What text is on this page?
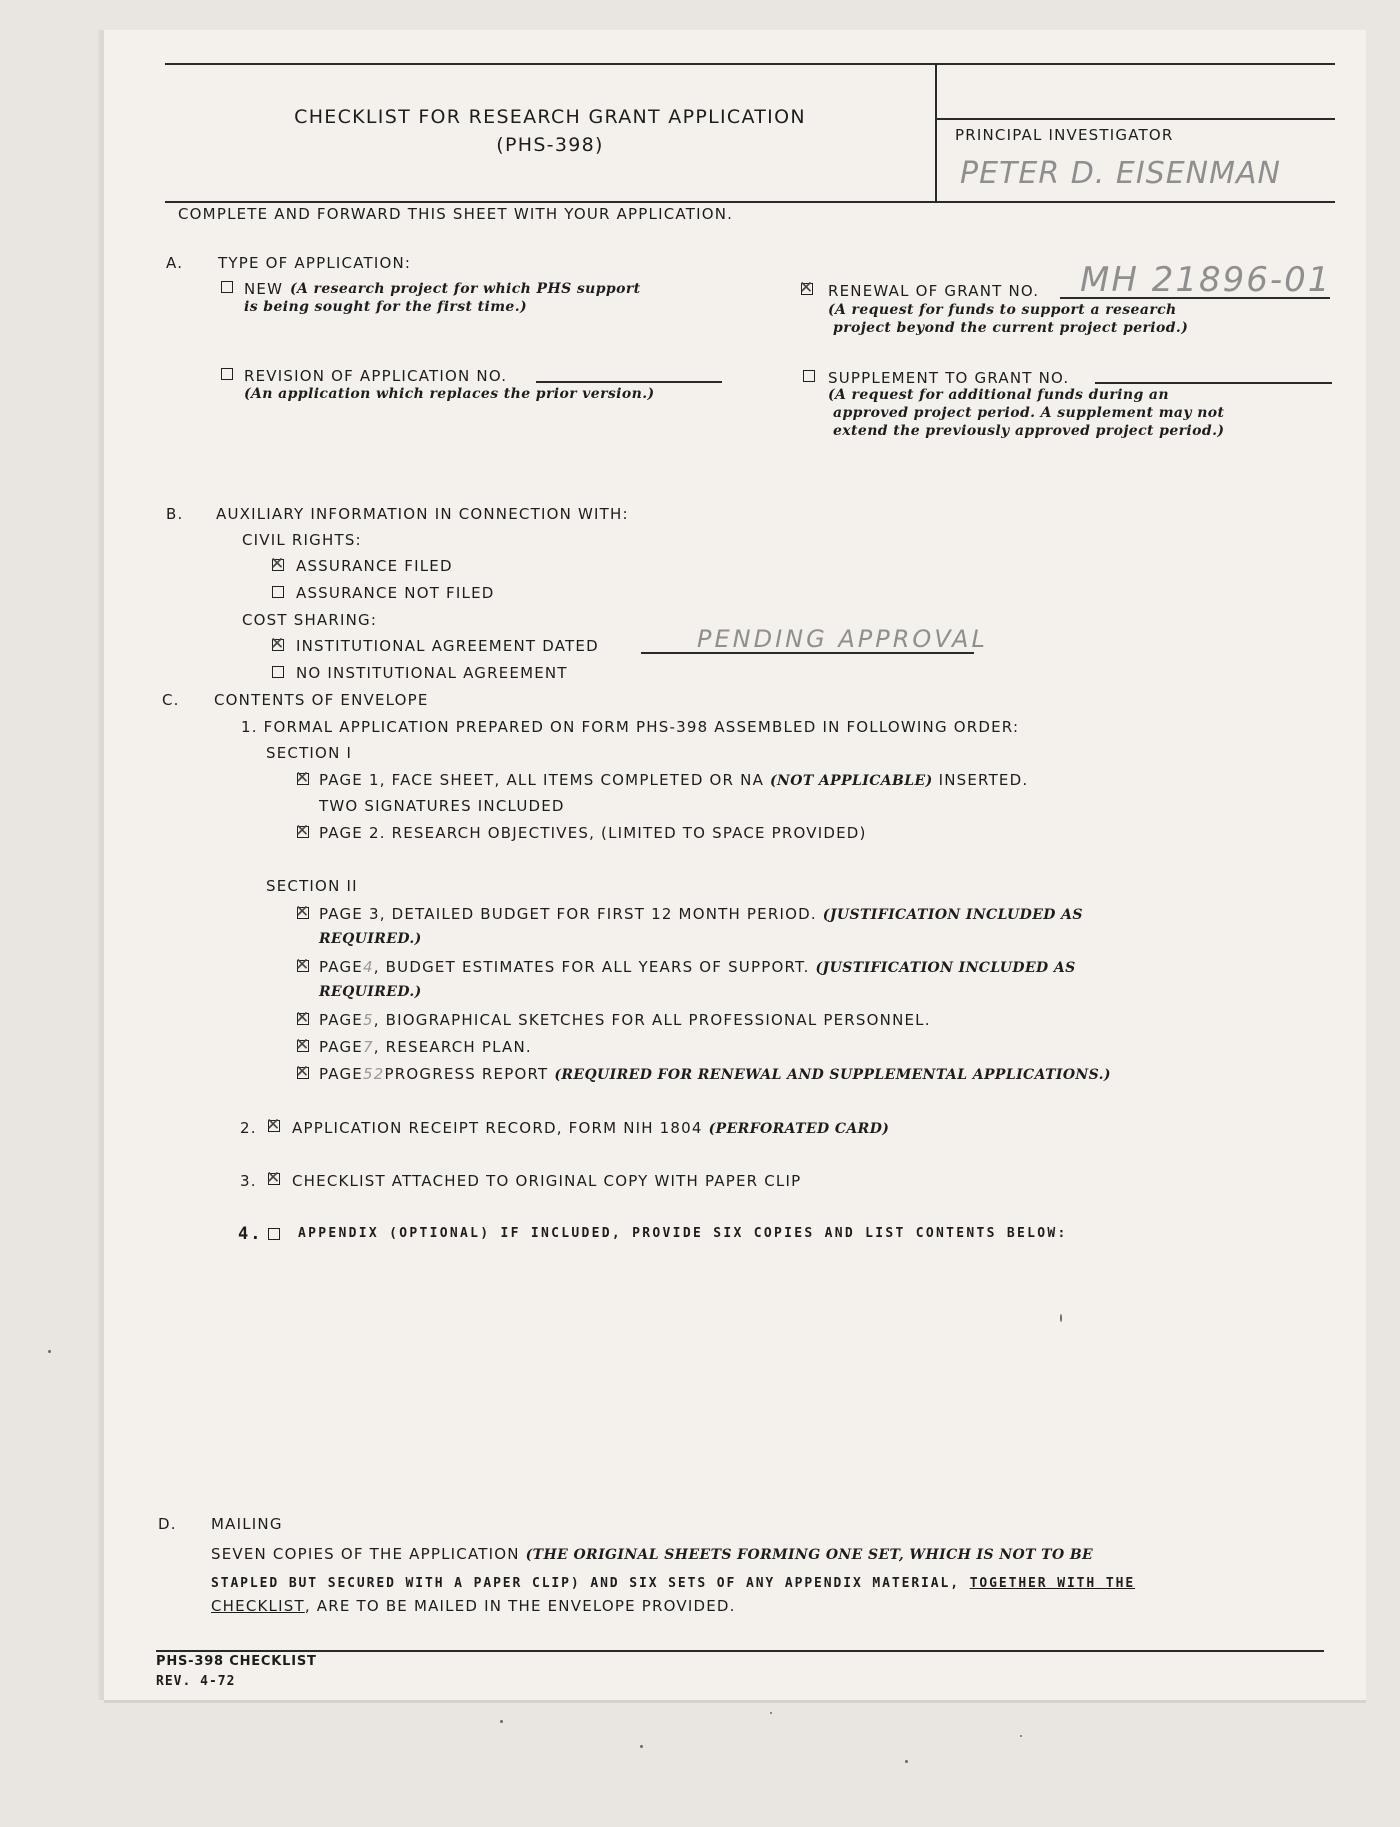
CHECKLIST FOR RESEARCH GRANT APPLICATION
(PHS-398)	PRINCIPAL INVESTIGATOR
PETER D. EISENMAN
COMPLETE AND FORWARD THIS SHEET WITH YOUR APPLICATION.
A. TYPE OF APPLICATION:
NEW (A research project for which PHS support
is being sought for the first time.)
✕
RENEWAL OF GRANT NO. MH 21896-01
(A request for funds to support a research
project beyond the current project period.)
REVISION OF APPLICATION NO.
(An application which replaces the prior version.)
SUPPLEMENT TO GRANT NO.
(A request for additional funds during an
approved project period. A supplement may not
extend the previously approved project period.)
B. AUXILIARY INFORMATION IN CONNECTION WITH:
CIVIL RIGHTS:
✕
ASSURANCE FILED
ASSURANCE NOT FILED
COST SHARING:
✕
INSTITUTIONAL AGREEMENT DATED	PENDING APPROVAL
NO INSTITUTIONAL AGREEMENT
C. CONTENTS OF ENVELOPE
1. FORMAL APPLICATION PREPARED ON FORM PHS-398 ASSEMBLED IN FOLLOWING ORDER:
SECTION I
✕
PAGE 1, FACE SHEET, ALL ITEMS COMPLETED OR NA (NOT APPLICABLE) INSERTED.
TWO SIGNATURES INCLUDED
✕
PAGE 2. RESEARCH OBJECTIVES, (LIMITED TO SPACE PROVIDED)
SECTION II
✕
PAGE 3, DETAILED BUDGET FOR FIRST 12 MONTH PERIOD. (JUSTIFICATION INCLUDED AS
REQUIRED.)
✕
PAGE4, BUDGET ESTIMATES FOR ALL YEARS OF SUPPORT. (JUSTIFICATION INCLUDED AS
REQUIRED.)
✕
PAGE5, BIOGRAPHICAL SKETCHES FOR ALL PROFESSIONAL PERSONNEL.
✕
PAGE7, RESEARCH PLAN.
✕
PAGE52PROGRESS REPORT (REQUIRED FOR RENEWAL AND SUPPLEMENTAL APPLICATIONS.)
2. ✕ APPLICATION RECEIPT RECORD, FORM NIH 1804 (PERFORATED CARD)
3. ✕ CHECKLIST ATTACHED TO ORIGINAL COPY WITH PAPER CLIP
4.	APPENDIX (OPTIONAL) IF INCLUDED, PROVIDE SIX COPIES AND LIST CONTENTS BELOW:
D. MAILING
SEVEN COPIES OF THE APPLICATION (THE ORIGINAL SHEETS FORMING ONE SET, WHICH IS NOT TO BE
STAPLED BUT SECURED WITH A PAPER CLIP) AND SIX SETS OF ANY APPENDIX MATERIAL, TOGETHER WITH THE
CHECKLIST, ARE TO BE MAILED IN THE ENVELOPE PROVIDED.
PHS-398 CHECKLIST
REV. 4-72
